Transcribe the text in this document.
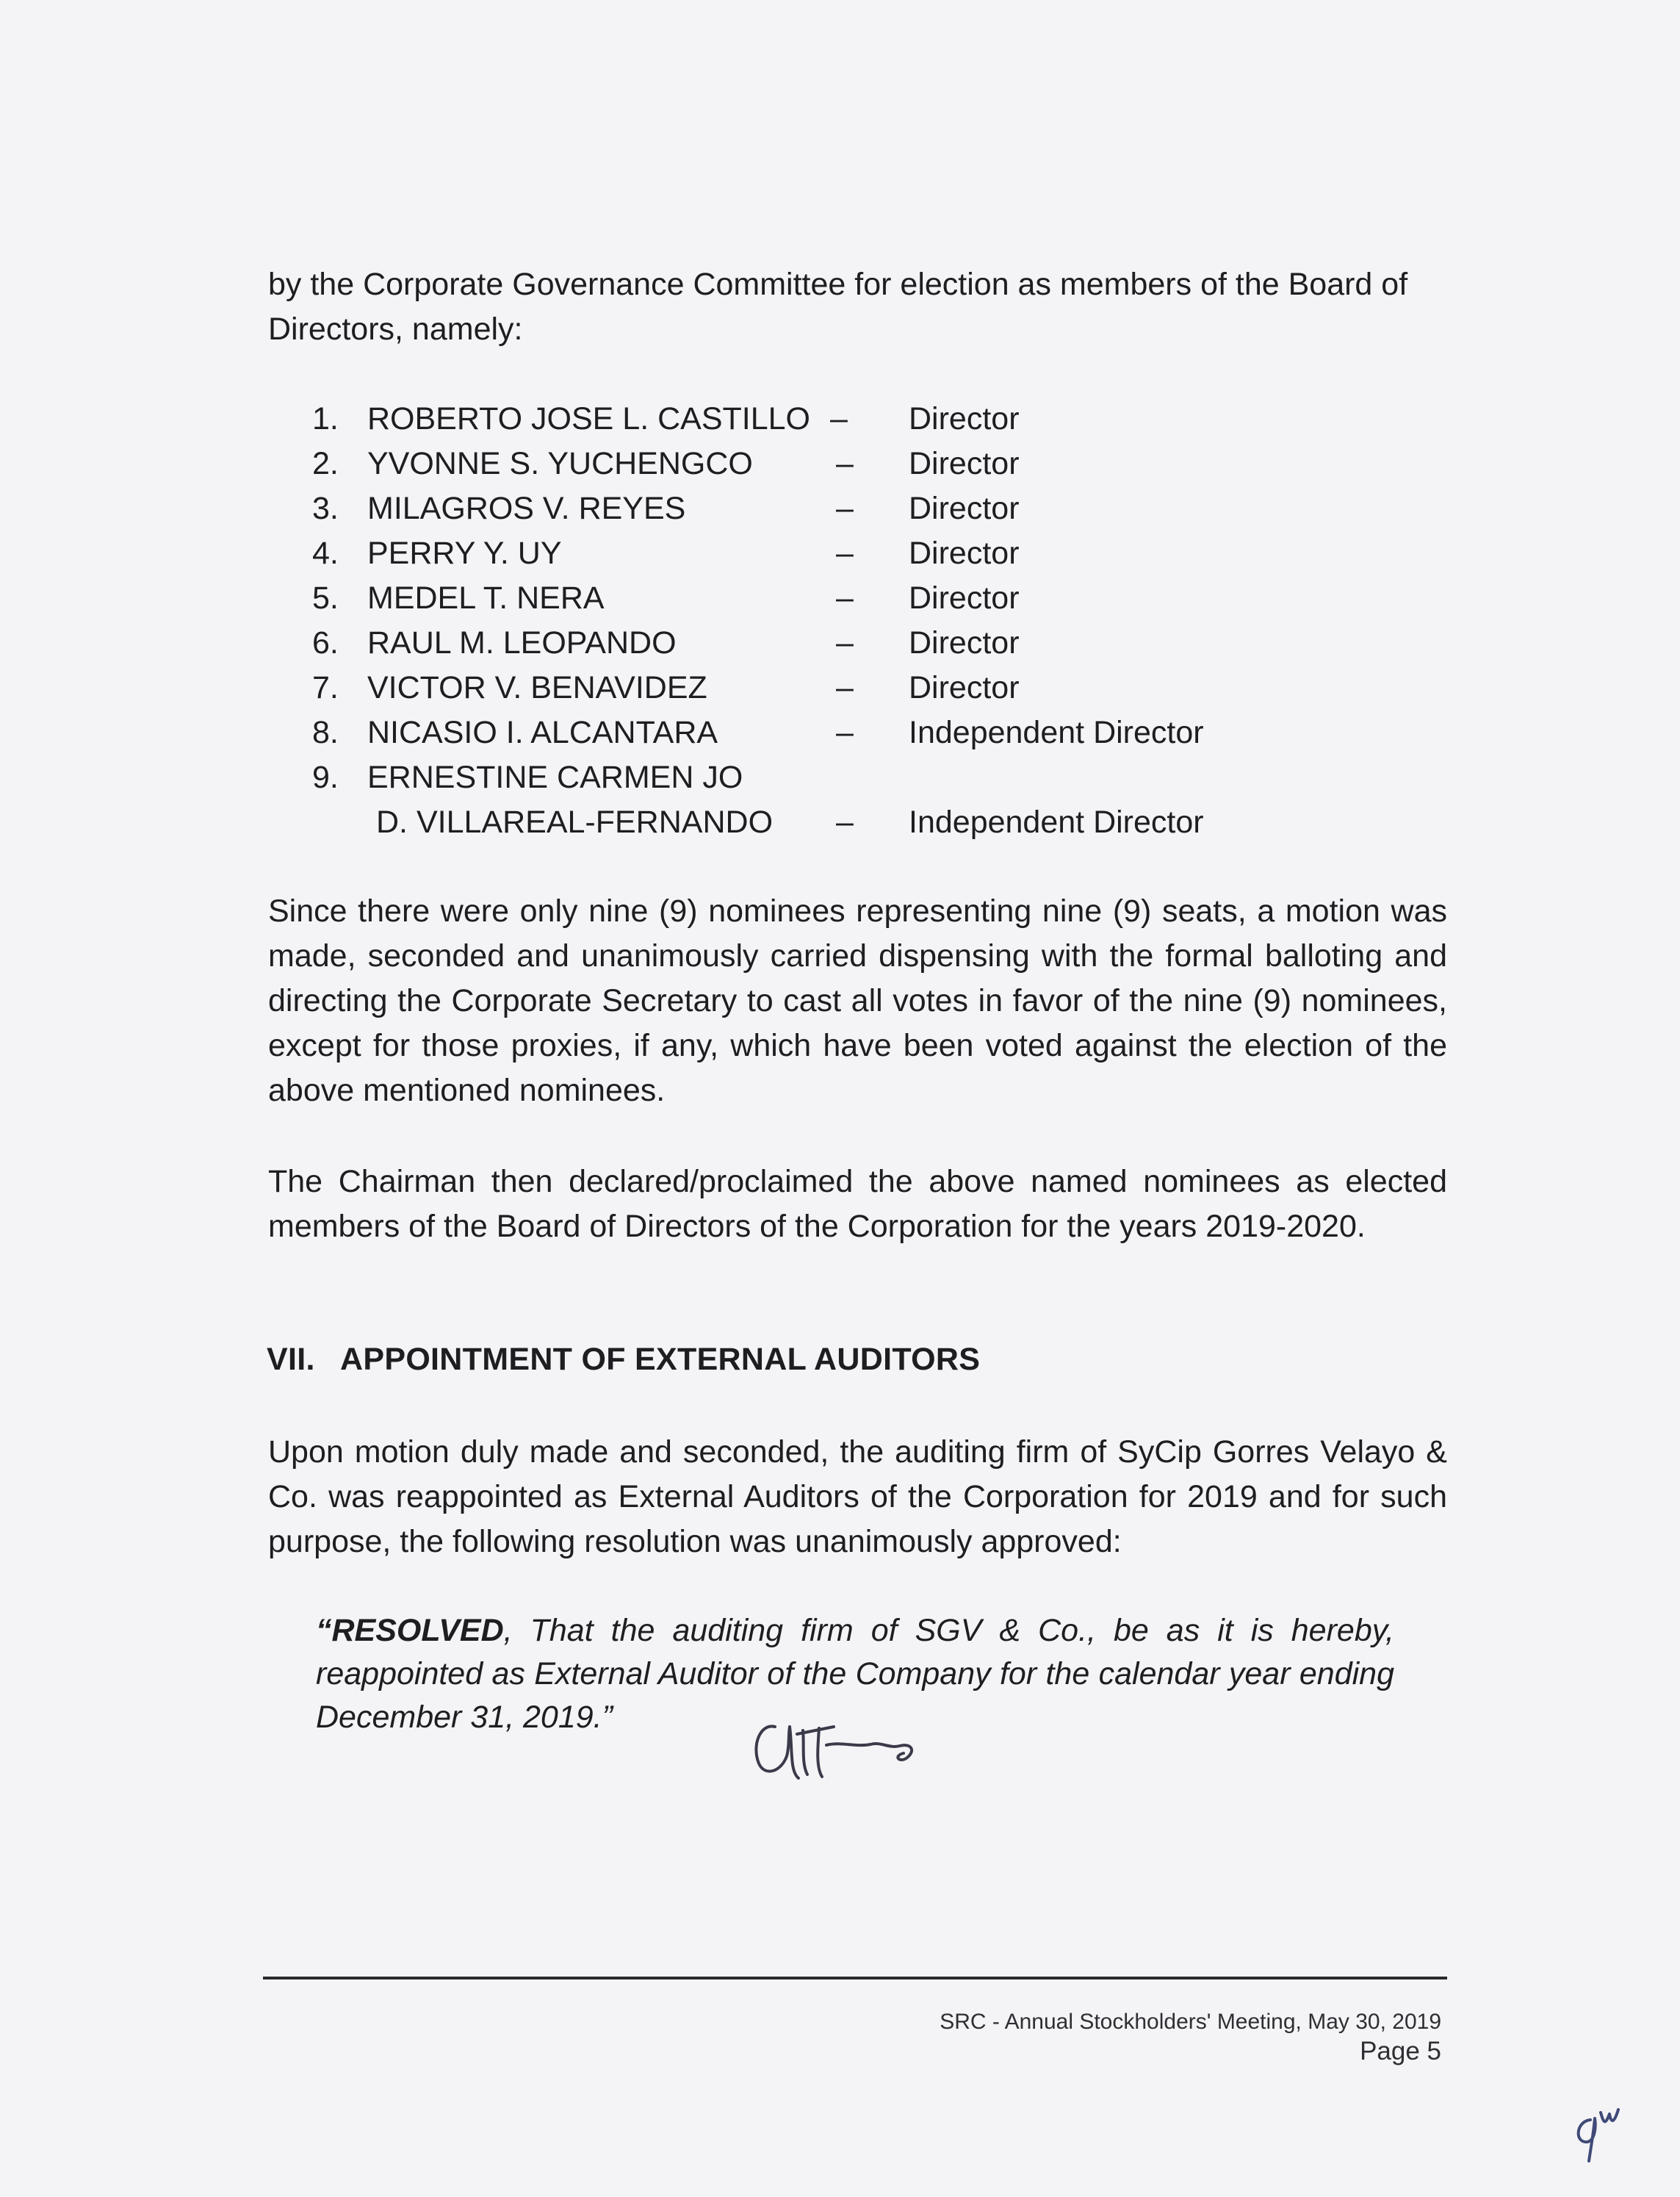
by the Corporate Governance Committee for election as members of the Board of Directors, namely:

1. ROBERTO JOSE L. CASTILLO – Director
2. YVONNE S. YUCHENGCO	– Director
3. MILAGROS V. REYES	– Director
4. PERRY Y. UY	– Director
5. MEDEL T. NERA	– Director
6. RAUL M. LEOPANDO	– Director
7. VICTOR V. BENAVIDEZ	– Director
8. NICASIO I. ALCANTARA	– Independent Director
9. ERNESTINE CARMEN JO
D. VILLAREAL-FERNANDO – Independent Director

Since there were only nine (9) nominees representing nine (9) seats, a motion was made, seconded and unanimously carried dispensing with the formal balloting and directing the Corporate Secretary to cast all votes in favor of the nine (9) nominees, except for those proxies, if any, which have been voted against the election of the above mentioned nominees.

The Chairman then declared/proclaimed the above named nominees as elected members of the Board of Directors of the Corporation for the years 2019-2020.

VII. APPOINTMENT OF EXTERNAL AUDITORS

Upon motion duly made and seconded, the auditing firm of SyCip Gorres Velayo & Co. was reappointed as External Auditors of the Corporation for 2019 and for such purpose, the following resolution was unanimously approved:

“RESOLVED, That the auditing firm of SGV & Co., be as it is hereby, reappointed as External Auditor of the Company for the calendar year ending December 31, 2019.”

SRC - Annual Stockholders' Meeting, May 30, 2019
Page 5
